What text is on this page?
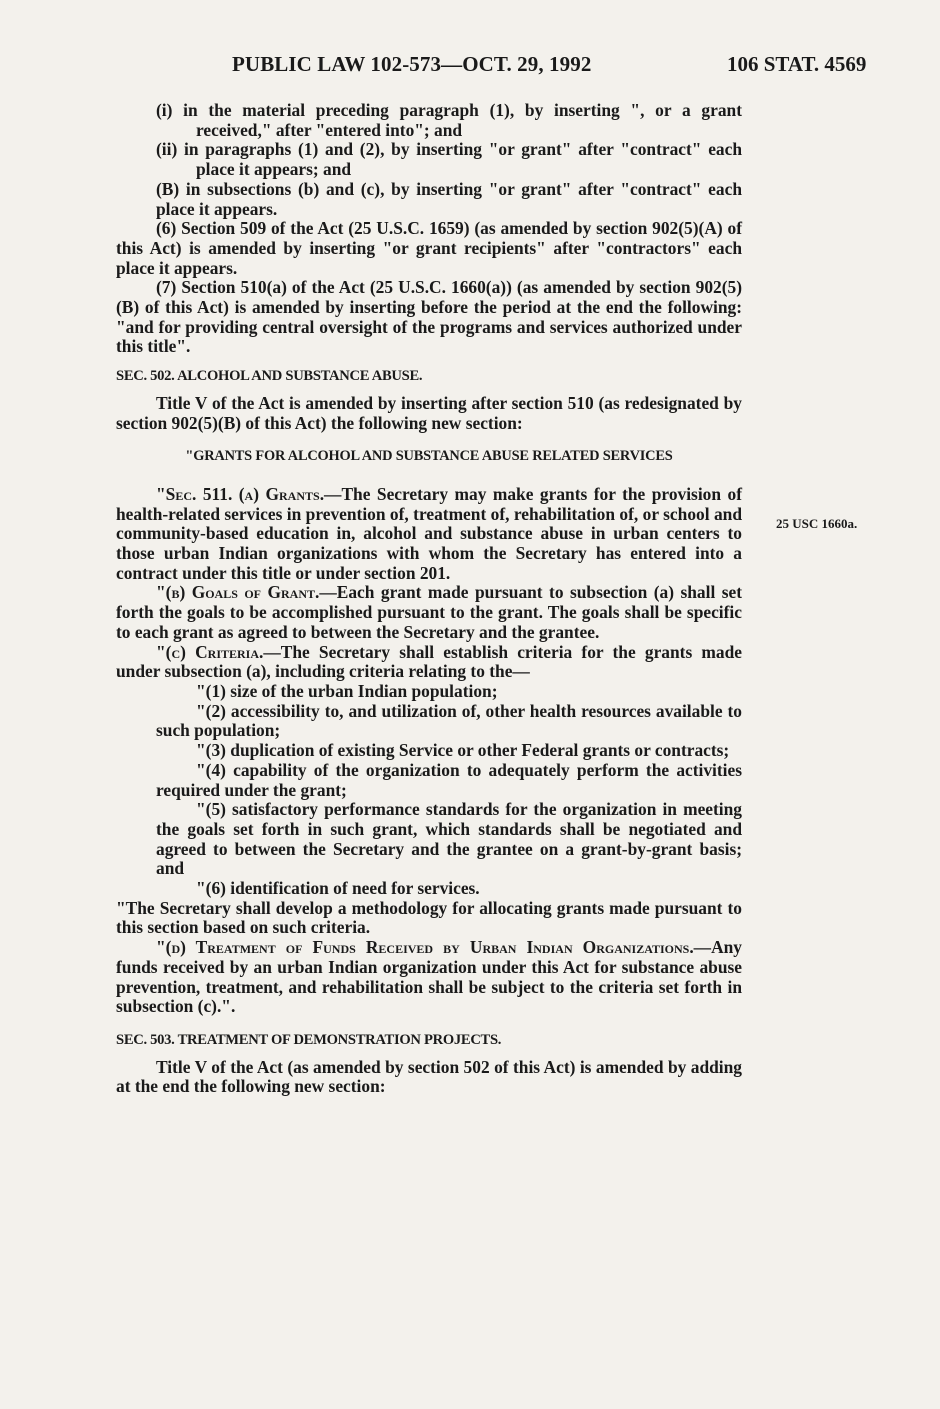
PUBLIC LAW 102-573—OCT. 29, 1992	106 STAT. 4569
25 USC 1660a.

(i) in the material preceding paragraph (1), by inserting ", or a grant received," after "entered into"; and

(ii) in paragraphs (1) and (2), by inserting "or grant" after "contract" each place it appears; and

(B) in subsections (b) and (c), by inserting "or grant" after "contract" each place it appears.

(6) Section 509 of the Act (25 U.S.C. 1659) (as amended by section 902(5)(A) of this Act) is amended by inserting "or grant recipients" after "contractors" each place it appears.

(7) Section 510(a) of the Act (25 U.S.C. 1660(a)) (as amended by section 902(5)(B) of this Act) is amended by inserting before the period at the end the following: "and for providing central oversight of the programs and services authorized under this title".

SEC. 502. ALCOHOL AND SUBSTANCE ABUSE.

Title V of the Act is amended by inserting after section 510 (as redesignated by section 902(5)(B) of this Act) the following new section:

"GRANTS FOR ALCOHOL AND SUBSTANCE ABUSE RELATED SERVICES

"Sec. 511. (a) Grants.—The Secretary may make grants for the provision of health-related services in prevention of, treatment of, rehabilitation of, or school and community-based education in, alcohol and substance abuse in urban centers to those urban Indian organizations with whom the Secretary has entered into a contract under this title or under section 201.

"(b) Goals of Grant.—Each grant made pursuant to subsection (a) shall set forth the goals to be accomplished pursuant to the grant. The goals shall be specific to each grant as agreed to between the Secretary and the grantee.

"(c) Criteria.—The Secretary shall establish criteria for the grants made under subsection (a), including criteria relating to the—

"(1) size of the urban Indian population;

"(2) accessibility to, and utilization of, other health resources available to such population;

"(3) duplication of existing Service or other Federal grants or contracts;

"(4) capability of the organization to adequately perform the activities required under the grant;

"(5) satisfactory performance standards for the organization in meeting the goals set forth in such grant, which standards shall be negotiated and agreed to between the Secretary and the grantee on a grant-by-grant basis; and

"(6) identification of need for services.

"The Secretary shall develop a methodology for allocating grants made pursuant to this section based on such criteria.

"(d) Treatment of Funds Received by Urban Indian Organizations.—Any funds received by an urban Indian organization under this Act for substance abuse prevention, treatment, and rehabilitation shall be subject to the criteria set forth in subsection (c).".

SEC. 503. TREATMENT OF DEMONSTRATION PROJECTS.

Title V of the Act (as amended by section 502 of this Act) is amended by adding at the end the following new section:
